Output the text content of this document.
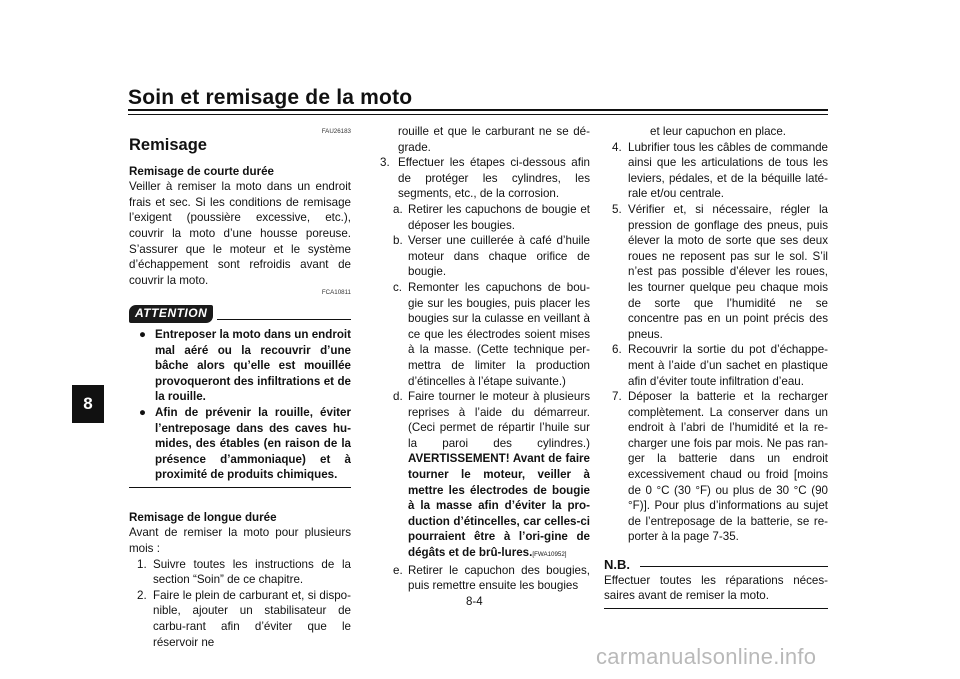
Soin et remisage de la moto
8
FAU26183
Remisage
Remisage de courte durée
Veiller à remiser la moto dans un endroit frais et sec. Si les conditions de remisage l’exigent (poussière excessive, etc.), couvrir la moto d’une housse poreuse. S’assurer que le moteur et le système d’échappement sont refroidis avant de couvrir la moto.
FCA10811
ATTENTION
● Entreposer la moto dans un endroit mal aéré ou la recouvrir d’une bâche alors qu’elle est mouillée provoqueront des infiltrations et de la rouille.
● Afin de prévenir la rouille, éviter l’entreposage dans des caves hu-mides, des étables (en raison de la présence d’ammoniaque) et à proximité de produits chimiques.
Remisage de longue durée
Avant de remiser la moto pour plusieurs mois :
1. Suivre toutes les instructions de la section “Soin” de ce chapitre.
2. Faire le plein de carburant et, si dispo-nible, ajouter un stabilisateur de carbu-rant afin d’éviter que le réservoir ne
rouille et que le carburant ne se dé-grade.
3. Effectuer les étapes ci-dessous afin de protéger les cylindres, les segments, etc., de la corrosion.
a. Retirer les capuchons de bougie et déposer les bougies.
b. Verser une cuillerée à café d’huile moteur dans chaque orifice de bougie.
c. Remonter les capuchons de bou-gie sur les bougies, puis placer les bougies sur la culasse en veillant à ce que les électrodes soient mises à la masse. (Cette technique per-mettra de limiter la production d’étincelles à l’étape suivante.)
d. Faire tourner le moteur à plusieurs reprises à l’aide du démarreur. (Ceci permet de répartir l’huile sur la paroi des cylindres.) AVERTISSEMENT! Avant de faire tourner le moteur, veiller à mettre les électrodes de bougie à la masse afin d’éviter la pro-duction d’étincelles, car celles-ci pourraient être à l’ori-gine de dégâts et de brû-lures.[FWA10952]
e. Retirer le capuchon des bougies, puis remettre ensuite les bougies
et leur capuchon en place.
4. Lubrifier tous les câbles de commande ainsi que les articulations de tous les leviers, pédales, et de la béquille laté-rale et/ou centrale.
5. Vérifier et, si nécessaire, régler la pression de gonflage des pneus, puis élever la moto de sorte que ses deux roues ne reposent pas sur le sol. S’il n’est pas possible d’élever les roues, les tourner quelque peu chaque mois de sorte que l’humidité ne se concentre pas en un point précis des pneus.
6. Recouvrir la sortie du pot d’échappe-ment à l’aide d’un sachet en plastique afin d’éviter toute infiltration d’eau.
7. Déposer la batterie et la recharger complètement. La conserver dans un endroit à l’abri de l’humidité et la re-charger une fois par mois. Ne pas ran-ger la batterie dans un endroit excessivement chaud ou froid [moins de 0 °C (30 °F) ou plus de 30 °C (90 °F)]. Pour plus d’informations au sujet de l’entreposage de la batterie, se re-porter à la page 7-35.
N.B.
Effectuer toutes les réparations néces-saires avant de remiser la moto.
8-4
carmanualsonline.info
